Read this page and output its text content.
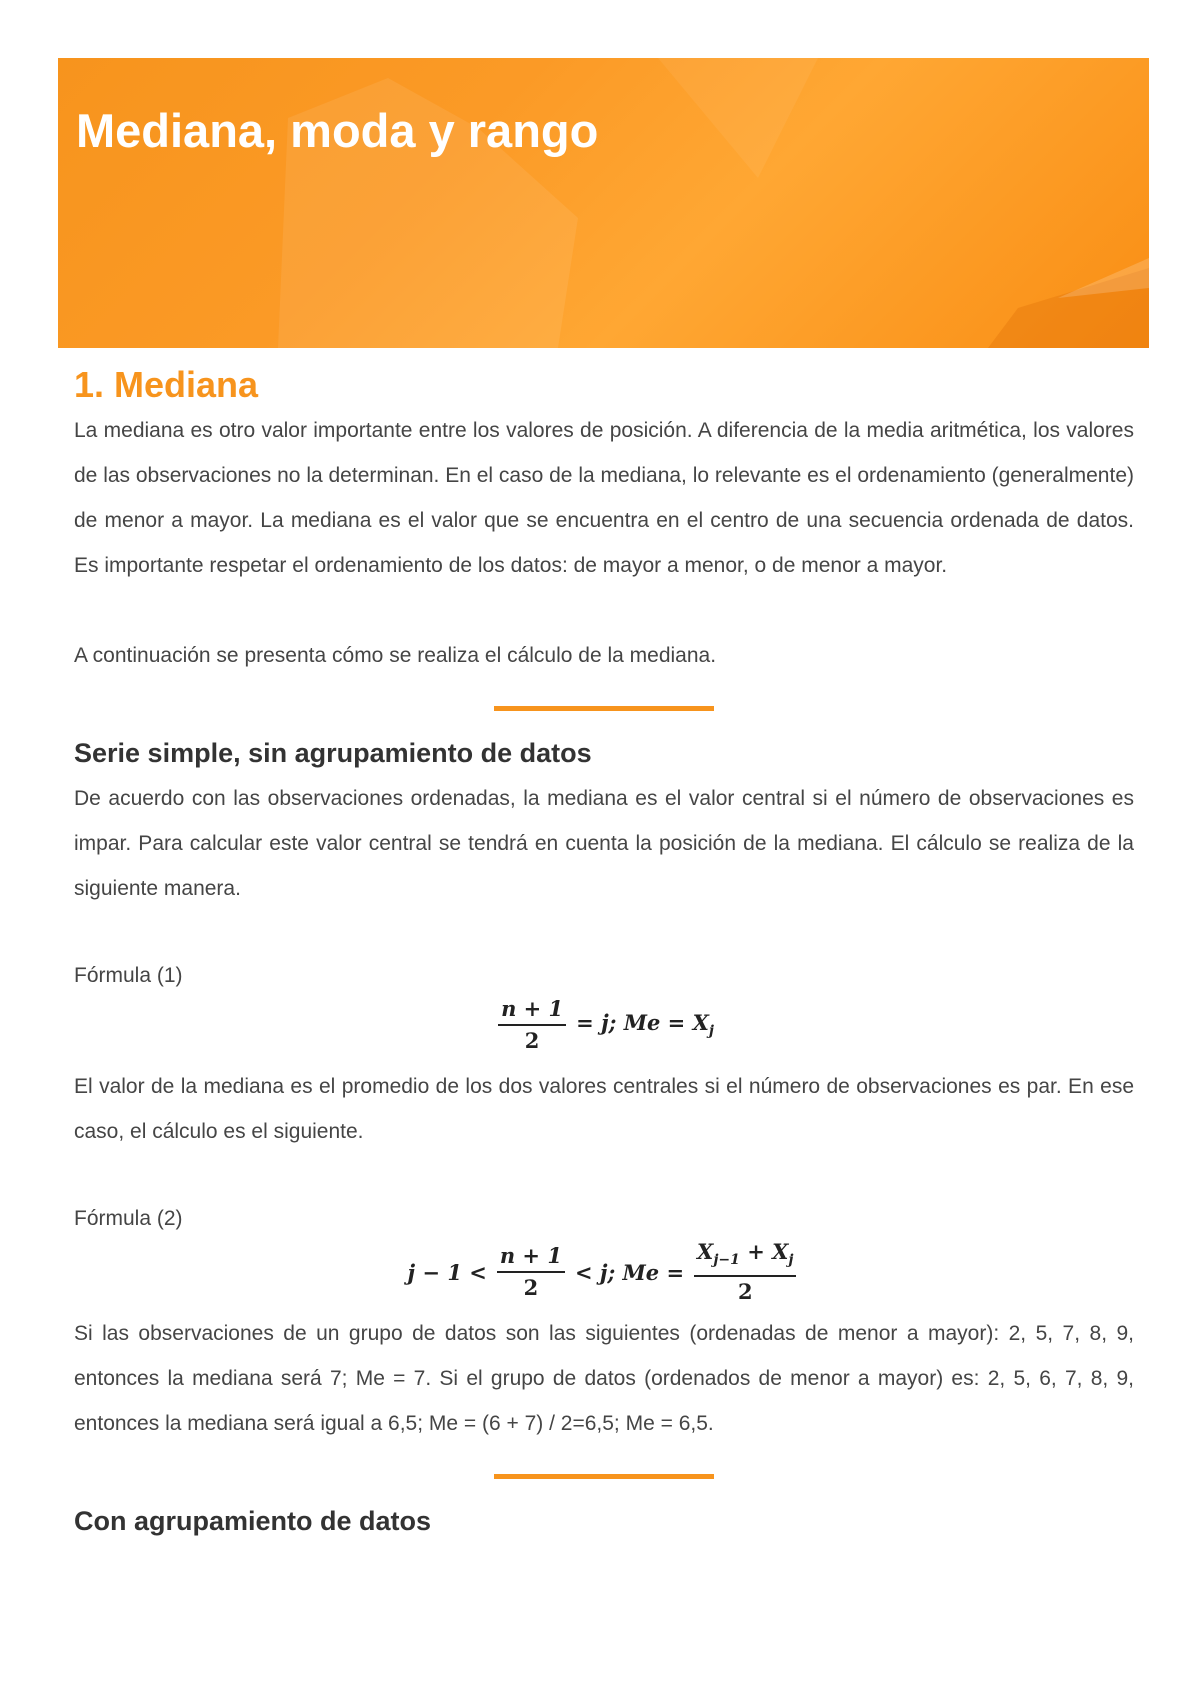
Mediana, moda y rango
1. Mediana

La mediana es otro valor importante entre los valores de posición. A diferencia de la media aritmética, los valores de las observaciones no la determinan. En el caso de la mediana, lo relevante es el ordenamiento (generalmente) de menor a mayor. La mediana es el valor que se encuentra en el centro de una secuencia ordenada de datos. Es importante respetar el ordenamiento de los datos: de mayor a menor, o de menor a mayor.

A continuación se presenta cómo se realiza el cálculo de la mediana.

Serie simple, sin agrupamiento de datos

De acuerdo con las observaciones ordenadas, la mediana es el valor central si el número de observaciones es impar. Para calcular este valor central se tendrá en cuenta la posición de la mediana. El cálculo se realiza de la siguiente manera.

Fórmula (1)

$\frac{n + 1}{2} = j$; $Me = X_j$

El valor de la mediana es el promedio de los dos valores centrales si el número de observaciones es par. En ese caso, el cálculo es el siguiente.

Fórmula (2)

$j - 1 < \frac{n + 1}{2} < j$; $Me = \frac{X_{j-1} + X_j}{2}$

Si las observaciones de un grupo de datos son las siguientes (ordenadas de menor a mayor): 2, 5, 7, 8, 9, entonces la mediana será 7; Me = 7. Si el grupo de datos (ordenados de menor a mayor) es: 2, 5, 6, 7, 8, 9, entonces la mediana será igual a 6,5; Me = (6 + 7) / 2=6,5; Me = 6,5.

Con agrupamiento de datos
